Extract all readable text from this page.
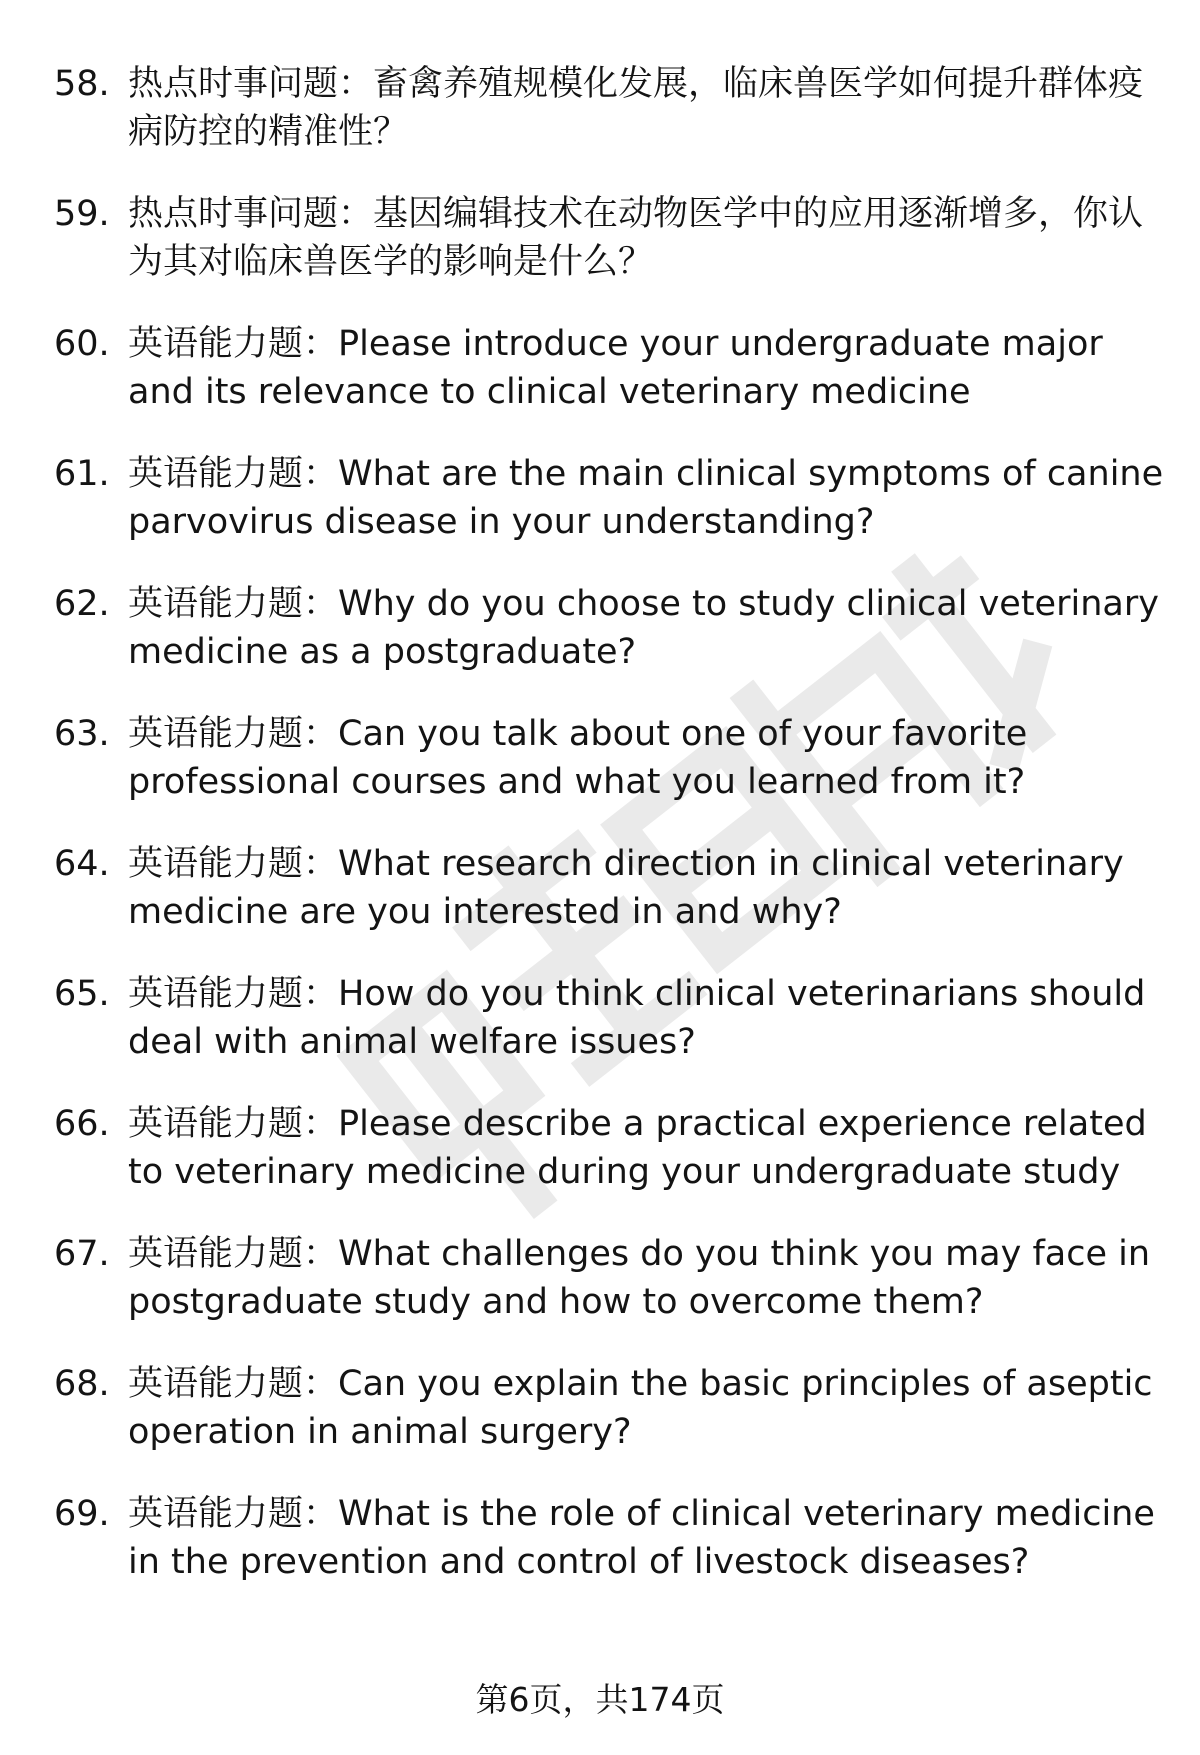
58. 热点时事问题：畜禽养殖规模化发展，临床兽医学如何提升群体疫病防控的精准性？
59. 热点时事问题：基因编辑技术在动物医学中的应用逐渐增多，你认为其对临床兽医学的影响是什么？
60. 英语能力题：Please introduce your undergraduate major and its relevance to clinical veterinary medicine
61. 英语能力题：What are the main clinical symptoms of canine parvovirus disease in your understanding?
62. 英语能力题：Why do you choose to study clinical veterinary medicine as a postgraduate?
63. 英语能力题：Can you talk about one of your favorite professional courses and what you learned from it?
64. 英语能力题：What research direction in clinical veterinary medicine are you interested in and why?
65. 英语能力题：How do you think clinical veterinarians should deal with animal welfare issues?
66. 英语能力题：Please describe a practical experience related to veterinary medicine during your undergraduate study
67. 英语能力题：What challenges do you think you may face in postgraduate study and how to overcome them?
68. 英语能力题：Can you explain the basic principles of aseptic operation in animal surgery?
69. 英语能力题：What is the role of clinical veterinary medicine in the prevention and control of livestock diseases?
第6页，共174页
